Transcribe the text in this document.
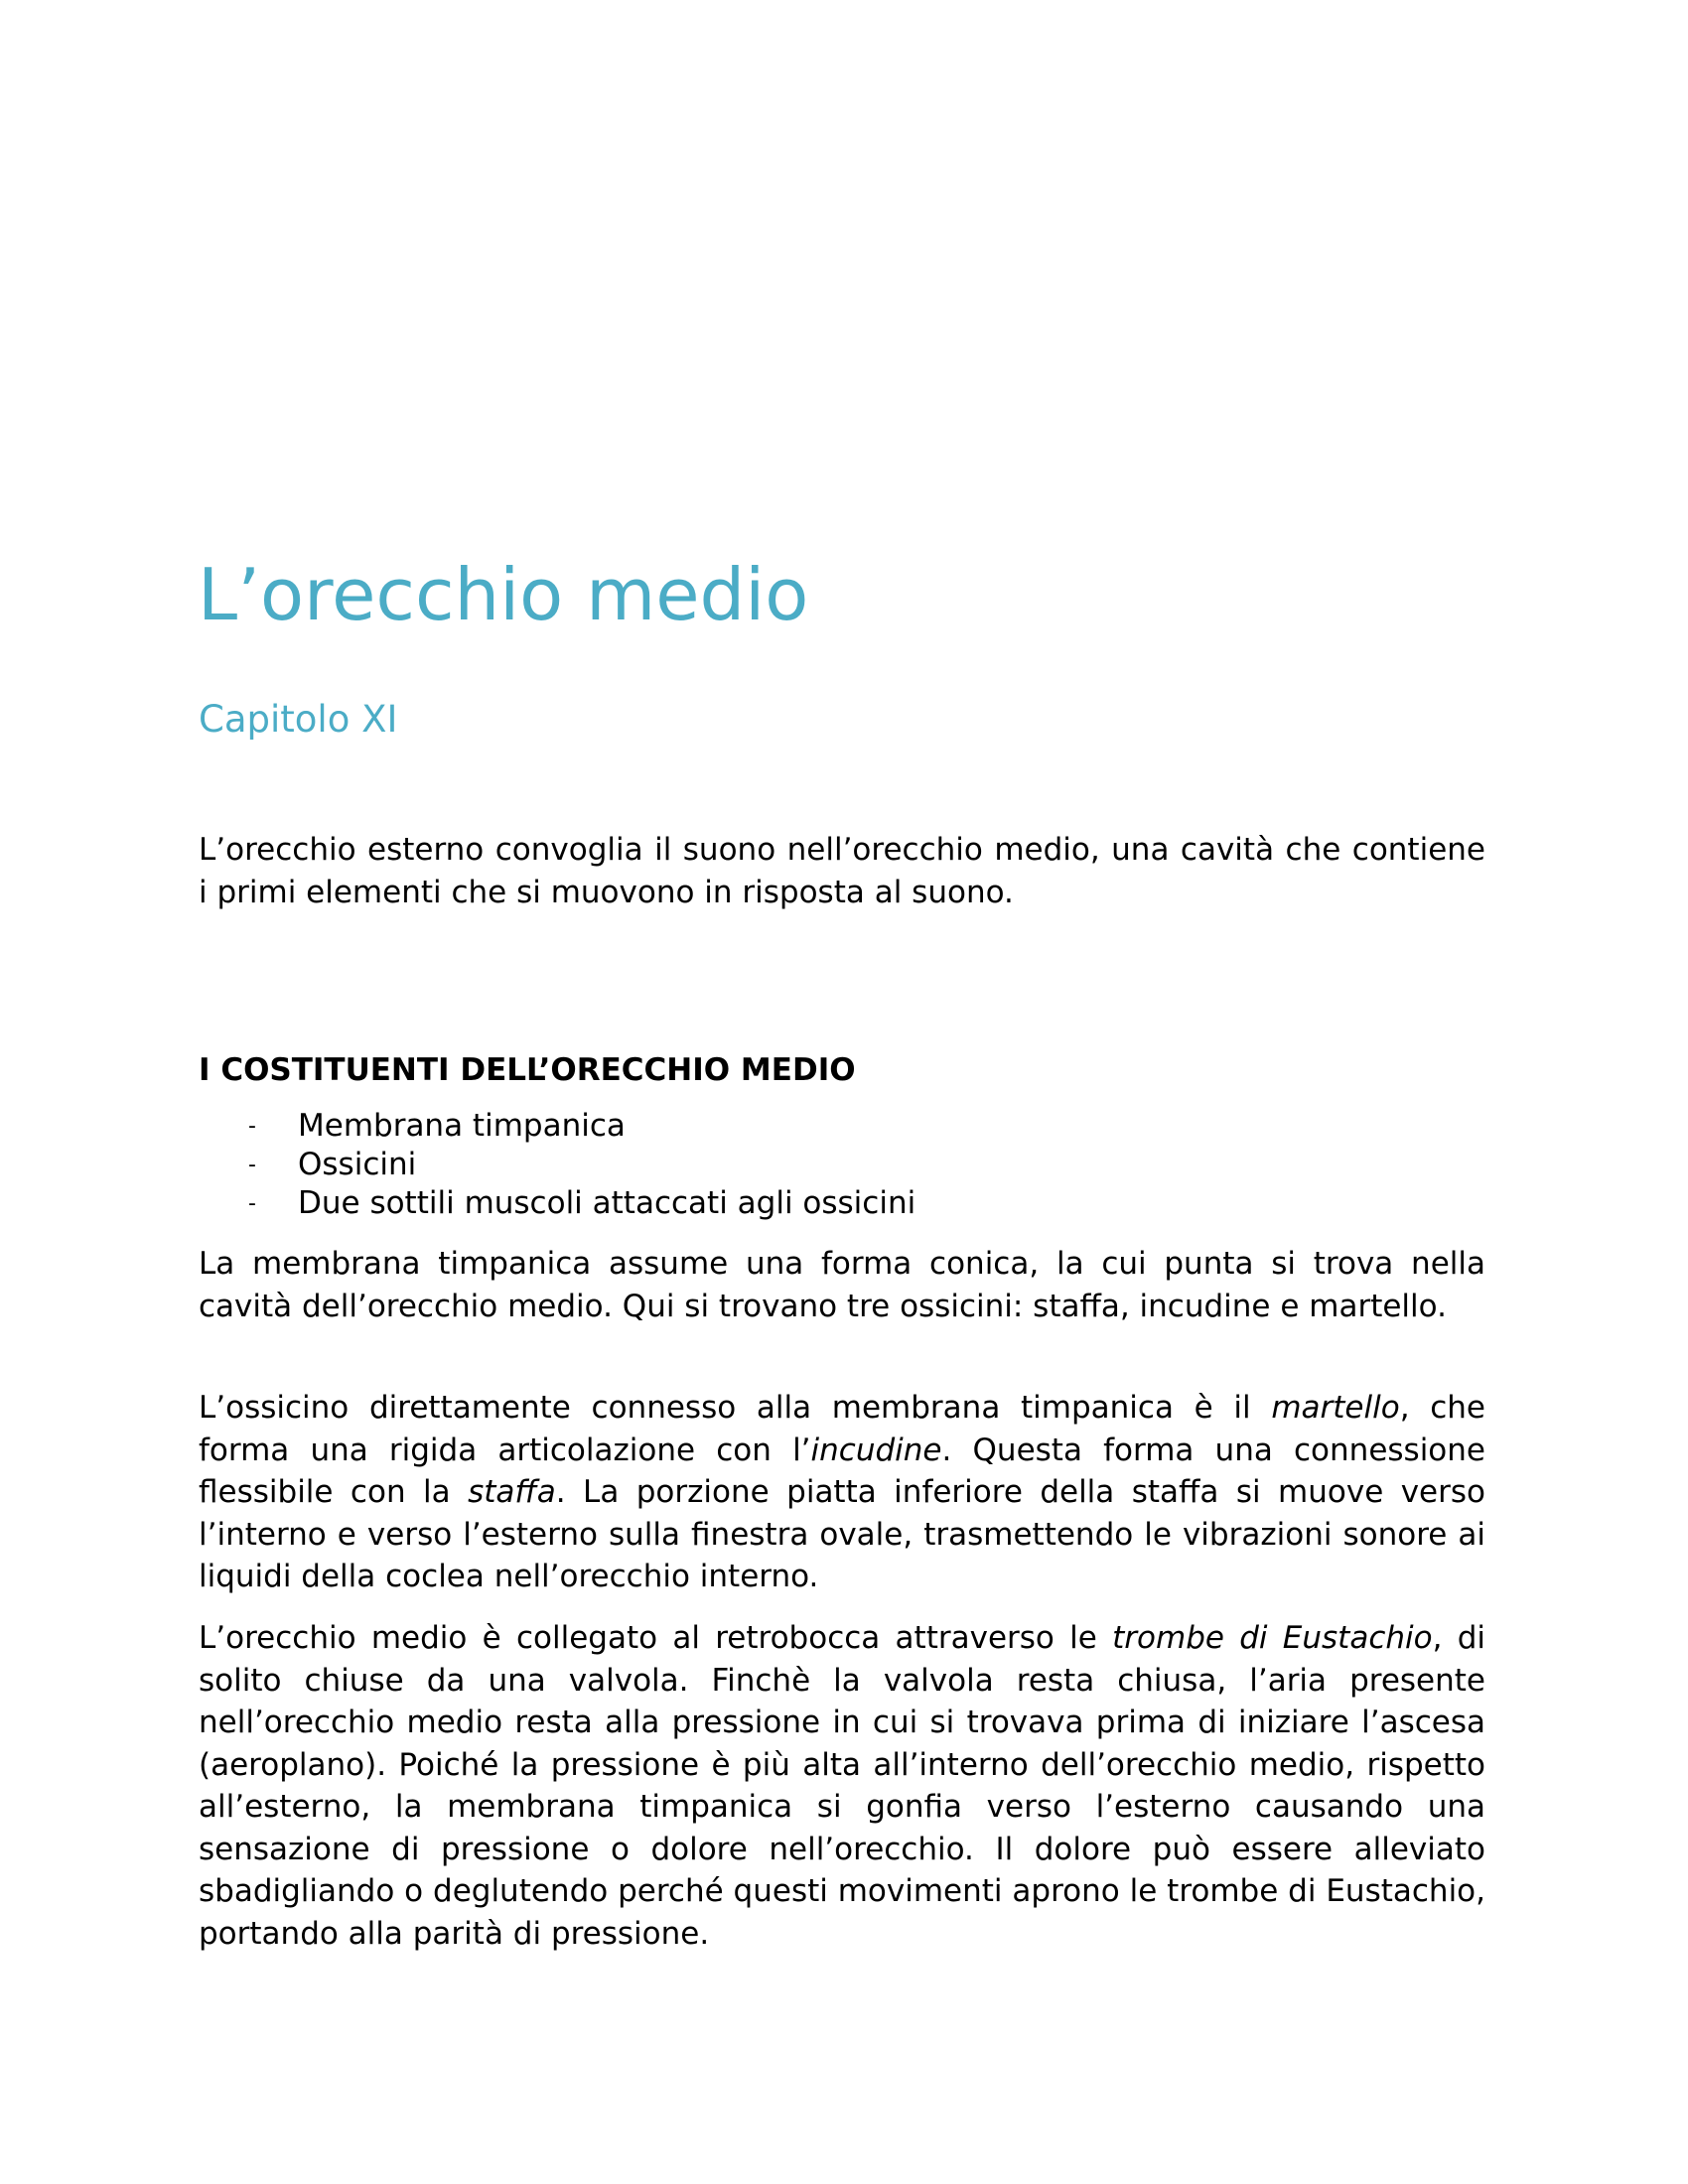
L’orecchio medio
Capitolo XI

L’orecchio esterno convoglia il suono nell’orecchio medio, una cavità che contiene i primi elementi che si muovono in risposta al suono.

I COSTITUENTI DELL’ORECCHIO MEDIO
- Membrana timpanica
- Ossicini
- Due sottili muscoli attaccati agli ossicini

La membrana timpanica assume una forma conica, la cui punta si trova nella cavità dell’orecchio medio. Qui si trovano tre ossicini: staffa, incudine e martello.

L’ossicino direttamente connesso alla membrana timpanica è il martello, che forma una rigida articolazione con l’incudine. Questa forma una connessione flessibile con la staffa. La porzione piatta inferiore della staffa si muove verso l’interno e verso l’esterno sulla finestra ovale, trasmettendo le vibrazioni sonore ai liquidi della coclea nell’orecchio interno.

L’orecchio medio è collegato al retrobocca attraverso le trombe di Eustachio, di solito chiuse da una valvola. Finchè la valvola resta chiusa, l’aria presente nell’orecchio medio resta alla pressione in cui si trovava prima di iniziare l’ascesa (aeroplano). Poiché la pressione è più alta all’interno dell’orecchio medio, rispetto all’esterno, la membrana timpanica si gonfia verso l’esterno causando una sensazione di pressione o dolore nell’orecchio. Il dolore può essere alleviato sbadigliando o deglutendo perché questi movimenti aprono le trombe di Eustachio, portando alla parità di pressione.
